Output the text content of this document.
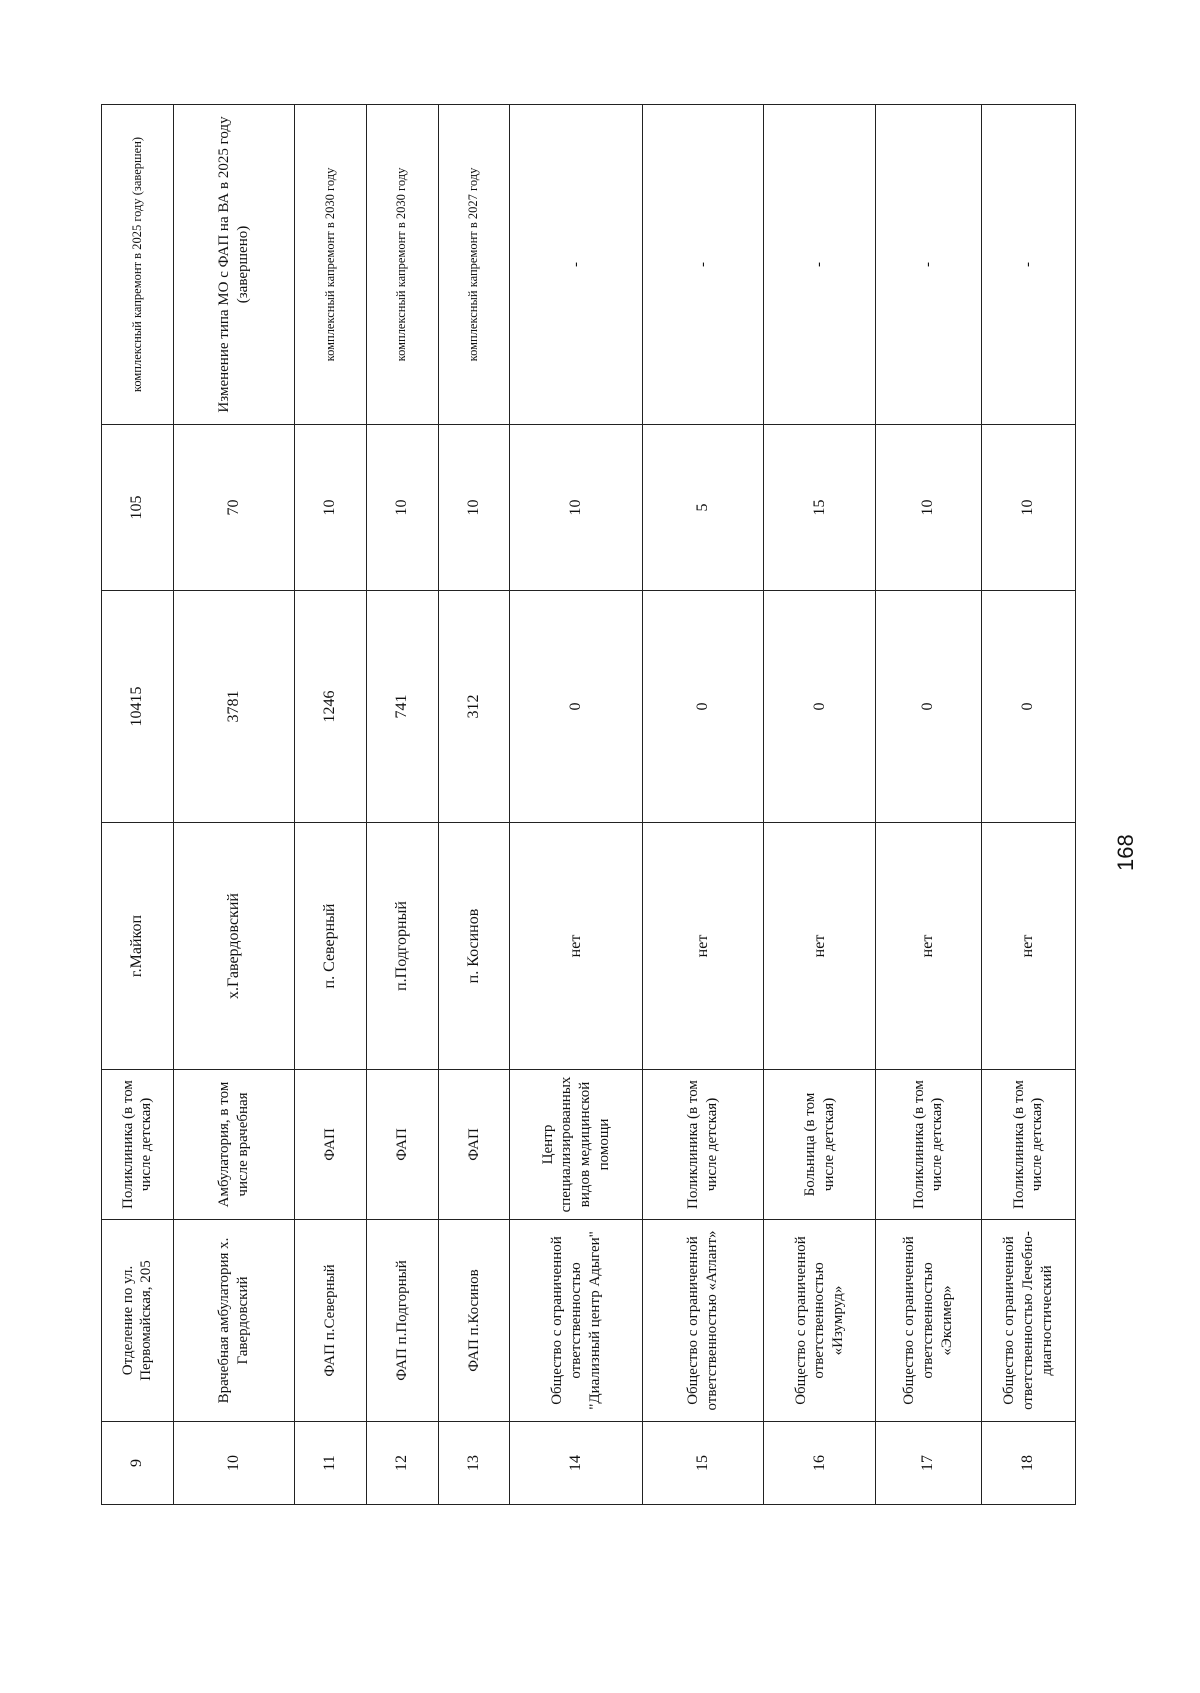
168
9	Отделение по ул. Первомайская, 205	Поликлиника (в том числе детская)	г.Майкоп	10415	105	комплексный капремонт в 2025 году (завершен)
10	Врачебная амбулатория х. Гавердовский	Амбулатория, в том числе врачебная	х.Гавердовский	3781	70	Изменение типа МО с ФАП на ВА в 2025 году (завершено)
11	ФАП п.Северный	ФАП	п. Северный	1246	10	комплексный капремонт в 2030 году
12	ФАП п.Подгорный	ФАП	п.Подгорный	741	10	комплексный капремонт в 2030 году
13	ФАП п.Косинов	ФАП	п. Косинов	312	10	комплексный капремонт в 2027 году
14	Общество с ограниченной ответственностью "Диализный центр Адыгеи"	Центр специализированных видов медицинской помощи	нет	0	10	-
15	Общество с ограниченной ответственностью «Атлант»	Поликлиника (в том числе детская)	нет	0	5	-
16	Общество с ограниченной ответственностью «Изумруд»	Больница (в том числе детская)	нет	0	15	-
17	Общество с ограниченной ответственностью «Эксимер»	Поликлиника (в том числе детская)	нет	0	10	-
18	Общество с ограниченной ответственностью Лечебно-диагностический	Поликлиника (в том числе детская)	нет	0	10	-
